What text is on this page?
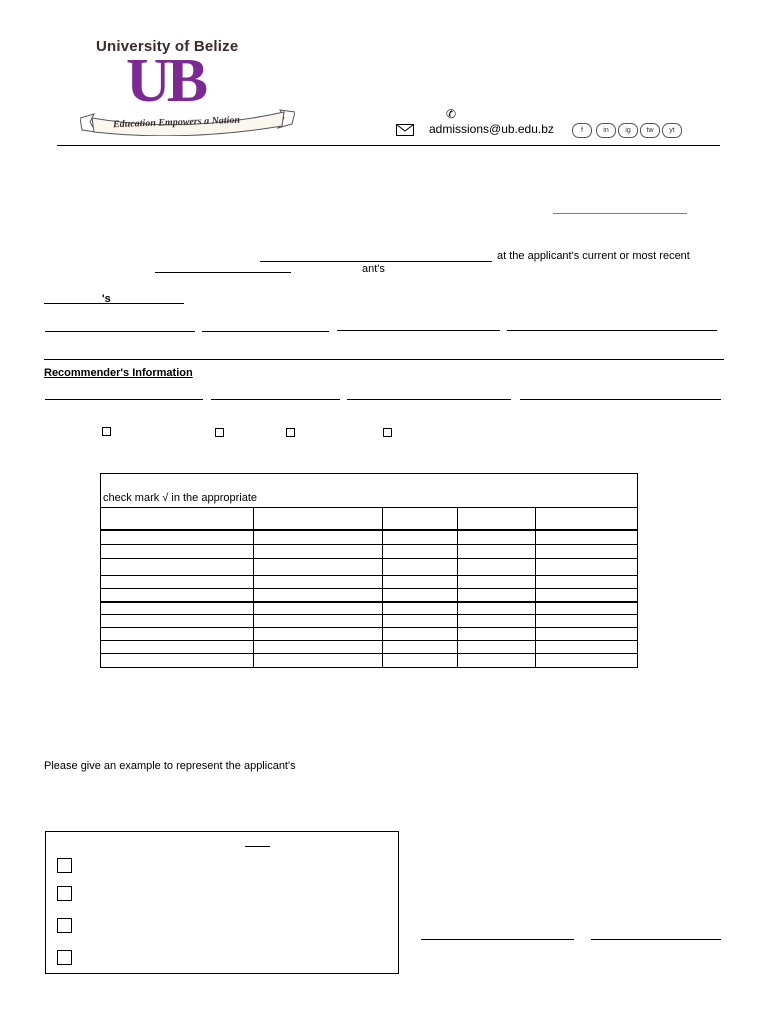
University of Belize
UB
Education Empowers a Nation
✆
admissions@ub.edu.bz	f	in	ig	tw	yt
at the applicant's current or most recent
ant's
's
Recommender's Information
check mark √ in the appropriate
Please give an example to represent the applicant's
